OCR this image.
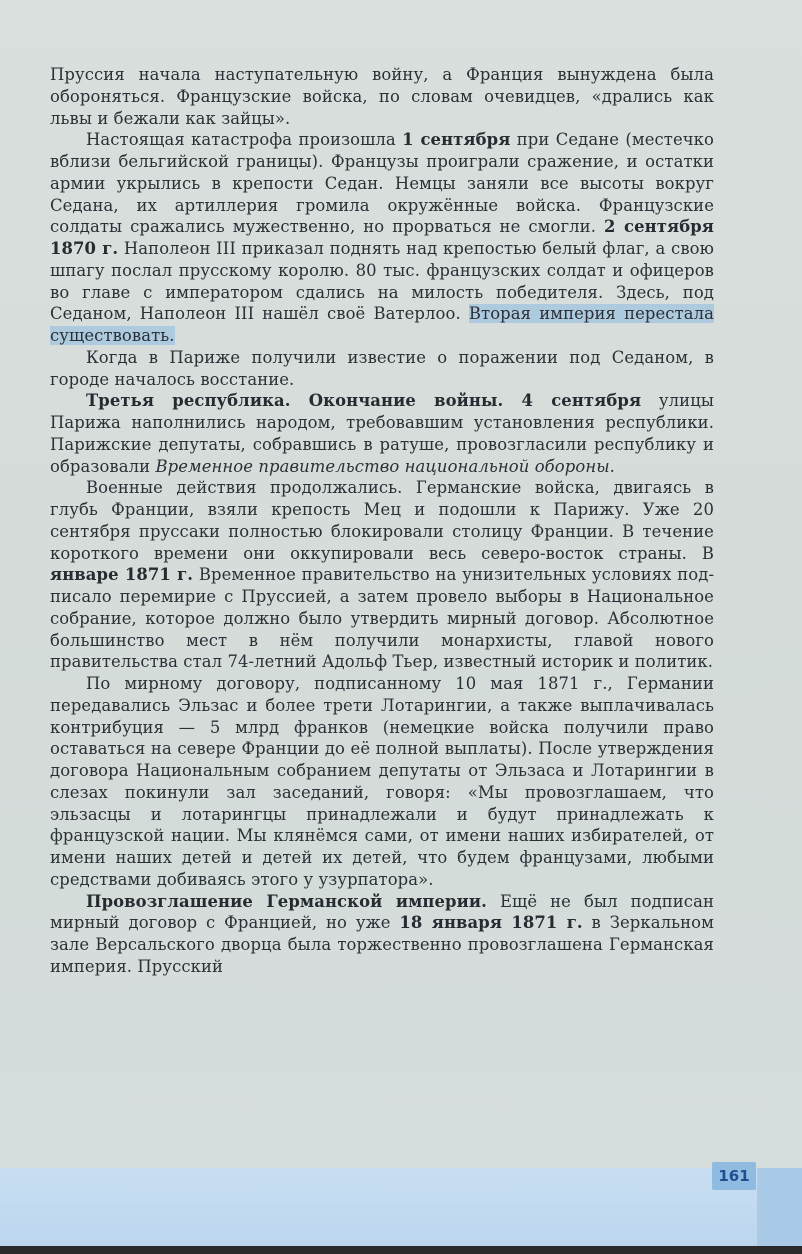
Пруссия начала наступательную войну, а Франция вынуждена была обороняться. Французские войска, по словам очевидцев, «дрались как львы и бежали как зайцы».

Настоящая катастрофа произошла 1 сентября при Седане (местечко вблизи бельгийской границы). Французы проиграли сражение, и остатки армии укрылись в крепости Седан. Немцы заняли все высоты вокруг Седана, их артиллерия громила окружённые войска. Французские солдаты сражались мужественно, но прорваться не смогли. 2 сентября 1870 г. Наполеон III приказал поднять над крепостью белый флаг, а свою шпагу послал прусскому королю. 80 тыс. французских солдат и офицеров во главе с императором сдались на милость победителя. Здесь, под Седаном, Наполеон III нашёл своё Ватерлоо. Вторая империя перестала существовать.

Когда в Париже получили известие о поражении под Седаном, в городе началось восстание.

Третья республика. Окончание войны. 4 сентября улицы Парижа наполнились народом, требовавшим установления республики. Парижские депутаты, собравшись в ратуше, провозгласили республику и образовали Временное правительство национальной обороны.

Военные действия продолжались. Германские войска, двигаясь в глубь Франции, взяли крепость Мец и подошли к Парижу. Уже 20 сентября пруссаки полностью блокировали столицу Франции. В течение короткого времени они оккупировали весь северо-восток страны. В январе 1871 г. Временное правительство на унизительных условиях подписало перемирие с Пруссией, а затем провело выборы в Национальное собрание, которое должно было утвердить мирный договор. Абсолютное большинство мест в нём получили монархисты, главой нового правительства стал 74-летний Адольф Тьер, известный историк и политик.

По мирному договору, подписанному 10 мая 1871 г., Германии передавались Эльзас и более трети Лотарингии, а также выплачивалась контрибуция — 5 млрд франков (немецкие войска получили право оставаться на севере Франции до её полной выплаты). После утверждения договора Национальным собранием депутаты от Эльзаса и Лотарингии в слезах покинули зал заседаний, говоря: «Мы провозглашаем, что эльзасцы и лотарингцы принадлежали и будут принадлежать к французской нации. Мы клянёмся сами, от имени наших избирателей, от имени наших детей и детей их детей, что будем французами, любыми средствами добиваясь этого у узурпатора».

Провозглашение Германской империи. Ещё не был подписан мирный договор с Францией, но уже 18 января 1871 г. в Зеркальном зале Версальского дворца была торжественно провозглашена Германская империя. Прусский

161
